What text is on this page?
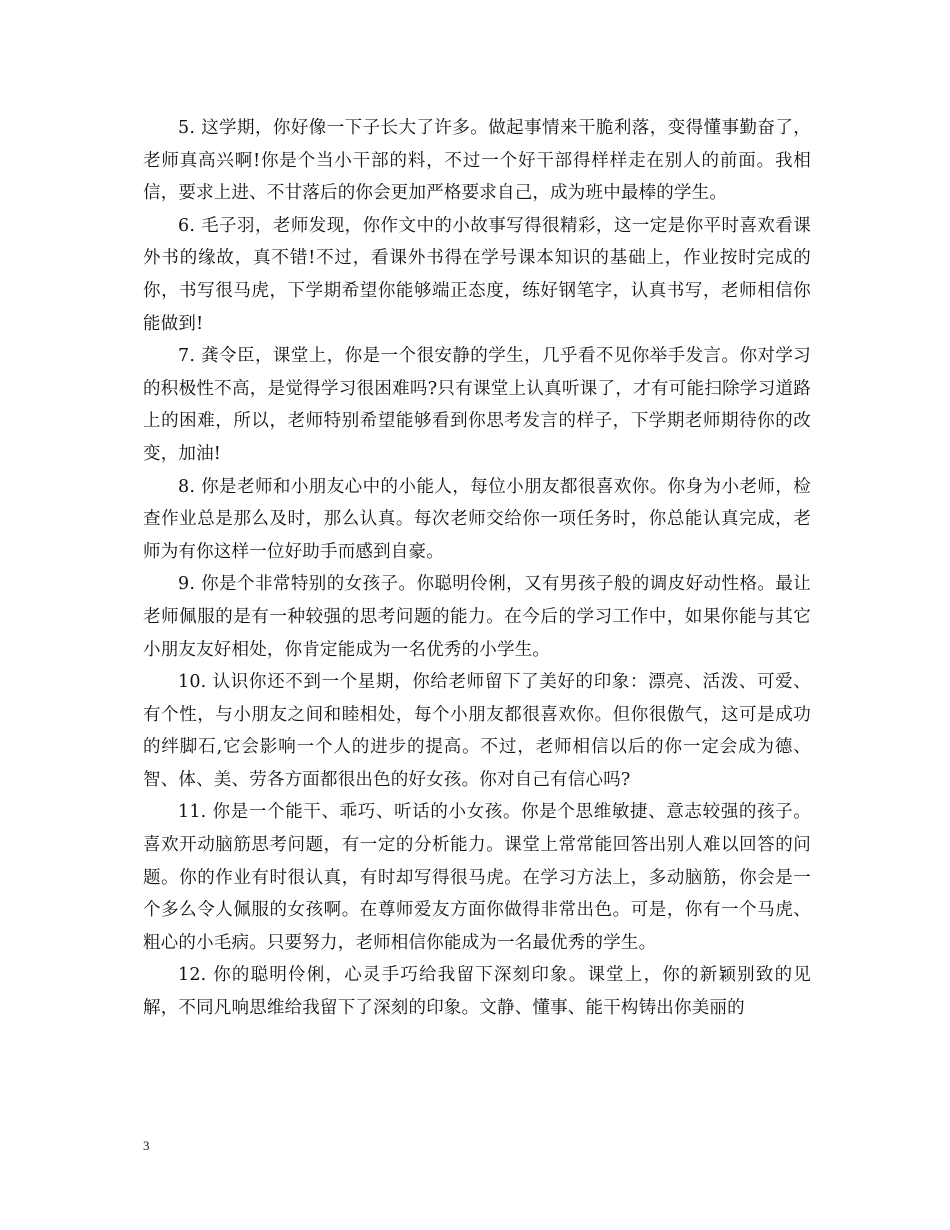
5. 这学期，你好像一下子长大了许多。做起事情来干脆利落，变得懂事勤奋了，老师真高兴啊!你是个当小干部的料，不过一个好干部得样样走在别人的前面。我相信，要求上进、不甘落后的你会更加严格要求自己，成为班中最棒的学生。

6. 毛子羽，老师发现，你作文中的小故事写得很精彩，这一定是你平时喜欢看课外书的缘故，真不错!不过，看课外书得在学号课本知识的基础上，作业按时完成的你，书写很马虎，下学期希望你能够端正态度，练好钢笔字，认真书写，老师相信你能做到!

7. 龚令臣，课堂上，你是一个很安静的学生，几乎看不见你举手发言。你对学习的积极性不高，是觉得学习很困难吗?只有课堂上认真听课了，才有可能扫除学习道路上的困难，所以，老师特别希望能够看到你思考发言的样子，下学期老师期待你的改变，加油!

8. 你是老师和小朋友心中的小能人，每位小朋友都很喜欢你。你身为小老师，检查作业总是那么及时，那么认真。每次老师交给你一项任务时，你总能认真完成，老师为有你这样一位好助手而感到自豪。

9. 你是个非常特别的女孩子。你聪明伶俐，又有男孩子般的调皮好动性格。最让老师佩服的是有一种较强的思考问题的能力。在今后的学习工作中，如果你能与其它小朋友友好相处，你肯定能成为一名优秀的小学生。

10. 认识你还不到一个星期，你给老师留下了美好的印象：漂亮、活泼、可爱、有个性，与小朋友之间和睦相处，每个小朋友都很喜欢你。但你很傲气，这可是成功的绊脚石,它会影响一个人的进步的提高。不过，老师相信以后的你一定会成为德、智、体、美、劳各方面都很出色的好女孩。你对自己有信心吗?

11. 你是一个能干、乖巧、听话的小女孩。你是个思维敏捷、意志较强的孩子。喜欢开动脑筋思考问题，有一定的分析能力。课堂上常常能回答出别人难以回答的问题。你的作业有时很认真，有时却写得很马虎。在学习方法上，多动脑筋，你会是一个多么令人佩服的女孩啊。在尊师爱友方面你做得非常出色。可是，你有一个马虎、粗心的小毛病。只要努力，老师相信你能成为一名最优秀的学生。

12. 你的聪明伶俐，心灵手巧给我留下深刻印象。课堂上，你的新颖别致的见解，不同凡响思维给我留下了深刻的印象。文静、懂事、能干构铸出你美丽的

3
